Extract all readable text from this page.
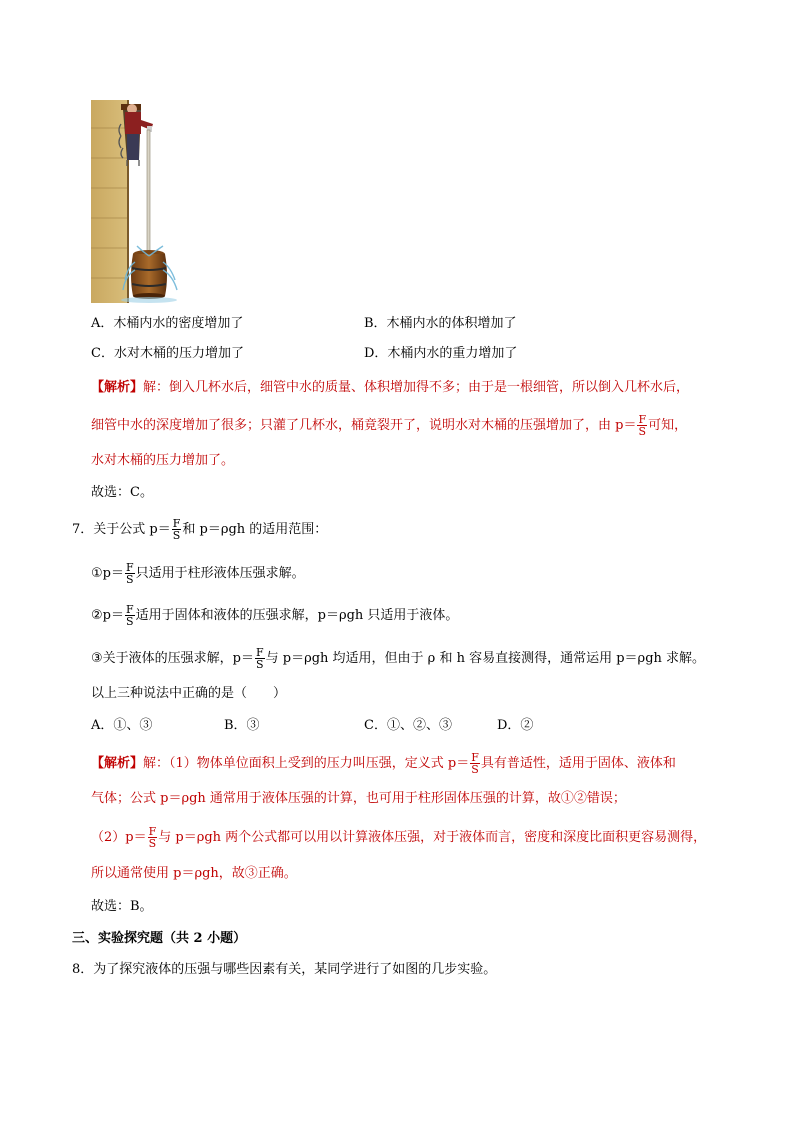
A．木桶内水的密度增加了	B．木桶内水的体积增加了
C．水对木桶的压力增加了	D．木桶内水的重力增加了
【解析】解：倒入几杯水后，细管中水的质量、体积增加得不多；由于是一根细管，所以倒入几杯水后，
细管中水的深度增加了很多；只灌了几杯水，桶竟裂开了，说明水对木桶的压强增加了，由 $p= \frac{F}{S}$ 可知，
水对木桶的压力增加了。
故选：C。
7．关于公式 $p= \frac{F}{S}$ 和 p＝ρgh 的适用范围：
①p＝ $\frac{F}{S}$ 只适用于柱形液体压强求解。
②p＝ $\frac{F}{S}$ 适用于固体和液体的压强求解，p＝ρgh 只适用于液体。
③关于液体的压强求解，$p= \frac{F}{S}$ 与 p＝ρgh 均适用，但由于 ρ 和 h 容易直接测得，通常运用 p＝ρgh 求解。
以上三种说法中正确的是（　　）
A．①、③	B．③	C．①、②、③	D．②
【解析】解：（1）物体单位面积上受到的压力叫压强，定义式 $p= \frac{F}{S}$ 具有普适性，适用于固体、液体和
气体；公式 p＝ρgh 通常用于液体压强的计算，也可用于柱形固体压强的计算，故①②错误；
$(2)p= \frac{F}{S}$ 与 p＝ρgh 两个公式都可以用以计算液体压强，对于液体而言，密度和深度比面积更容易测得，
所以通常使用 p＝ρgh，故③正确。
故选：B。
三、实验探究题（共 2 小题）
8．为了探究液体的压强与哪些因素有关，某同学进行了如图的几步实验。
